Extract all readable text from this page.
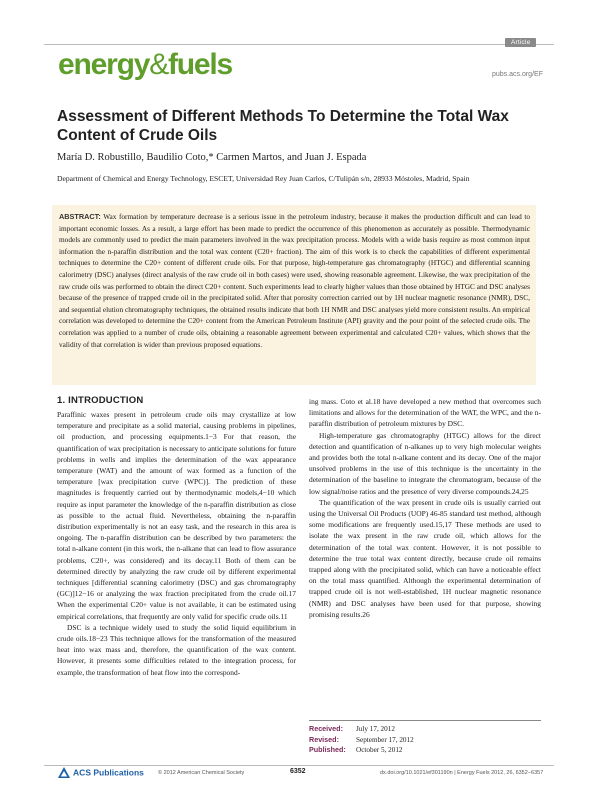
Article
energy&fuels	pubs.acs.org/EF
Assessment of Different Methods To Determine the Total Wax Content of Crude Oils
María D. Robustillo, Baudilio Coto,* Carmen Martos, and Juan J. Espada
Department of Chemical and Energy Technology, ESCET, Universidad Rey Juan Carlos, C/Tulipán s/n, 28933 Móstoles, Madrid, Spain
ABSTRACT: Wax formation by temperature decrease is a serious issue in the petroleum industry, because it makes the production difficult and can lead to important economic losses. As a result, a large effort has been made to predict the occurrence of this phenomenon as accurately as possible. Thermodynamic models are commonly used to predict the main parameters involved in the wax precipitation process. Models with a wide basis require as most common input information the n-paraffin distribution and the total wax content (C20+ fraction). The aim of this work is to check the capabilities of different experimental techniques to determine the C20+ content of different crude oils. For that purpose, high-temperature gas chromatography (HTGC) and differential scanning calorimetry (DSC) analyses (direct analysis of the raw crude oil in both cases) were used, showing reasonable agreement. Likewise, the wax precipitation of the raw crude oils was performed to obtain the direct C20+ content. Such experiments lead to clearly higher values than those obtained by HTGC and DSC analyses because of the presence of trapped crude oil in the precipitated solid. After that porosity correction carried out by 1H nuclear magnetic resonance (NMR), DSC, and sequential elution chromatography techniques, the obtained results indicate that both 1H NMR and DSC analyses yield more consistent results. An empirical correlation was developed to determine the C20+ content from the American Petroleum Institute (API) gravity and the pour point of the selected crude oils. The correlation was applied to a number of crude oils, obtaining a reasonable agreement between experimental and calculated C20+ values, which shows that the validity of that correlation is wider than previous proposed equations.
1. INTRODUCTION

Paraffinic waxes present in petroleum crude oils may crystallize at low temperature and precipitate as a solid material, causing problems in pipelines, oil production, and processing equipments.1−3 For that reason, the quantification of wax precipitation is necessary to anticipate solutions for future problems in wells and implies the determination of the wax appearance temperature (WAT) and the amount of wax formed as a function of the temperature [wax precipitation curve (WPC)]. The prediction of these magnitudes is frequently carried out by thermodynamic models,4−10 which require as input parameter the knowledge of the n-paraffin distribution as close as possible to the actual fluid. Nevertheless, obtaining the n-paraffin distribution experimentally is not an easy task, and the research in this area is ongoing. The n-paraffin distribution can be described by two parameters: the total n-alkane content (in this work, the n-alkane that can lead to flow assurance problems, C20+, was considered) and its decay.11 Both of them can be determined directly by analyzing the raw crude oil by different experimental techniques [differential scanning calorimetry (DSC) and gas chromatography (GC)]12−16 or analyzing the wax fraction precipitated from the crude oil.17 When the experimental C20+ value is not available, it can be estimated using empirical correlations, that frequently are only valid for specific crude oils.11

DSC is a technique widely used to study the solid liquid equilibrium in crude oils.18−23 This technique allows for the transformation of the measured heat into wax mass and, therefore, the quantification of the wax content. However, it presents some difficulties related to the integration process, for example, the transformation of heat flow into the correspond-

ing mass. Coto et al.18 have developed a new method that overcomes such limitations and allows for the determination of the WAT, the WPC, and the n-paraffin distribution of petroleum mixtures by DSC.

High-temperature gas chromatography (HTGC) allows for the direct detection and quantification of n-alkanes up to very high molecular weights and provides both the total n-alkane content and its decay. One of the major unsolved problems in the use of this technique is the uncertainty in the determination of the baseline to integrate the chromatogram, because of the low signal/noise ratios and the presence of very diverse compounds.24,25

The quantification of the wax present in crude oils is usually carried out using the Universal Oil Products (UOP) 46-85 standard test method, although some modifications are frequently used.15,17 These methods are used to isolate the wax present in the raw crude oil, which allows for the determination of the total wax content. However, it is not possible to determine the true total wax content directly, because crude oil remains trapped along with the precipitated solid, which can have a noticeable effect on the total mass quantified. Although the experimental determination of trapped crude oil is not well-established, 1H nuclear magnetic resonance (NMR) and DSC analyses have been used for that purpose, showing promising results.26

Received: July 17, 2012
Revised: September 17, 2012
Published: October 5, 2012
ACS Publications	© 2012 American Chemical Society	6352	dx.doi.org/10.1021/ef301190n | Energy Fuels 2012, 26, 6352−6357
